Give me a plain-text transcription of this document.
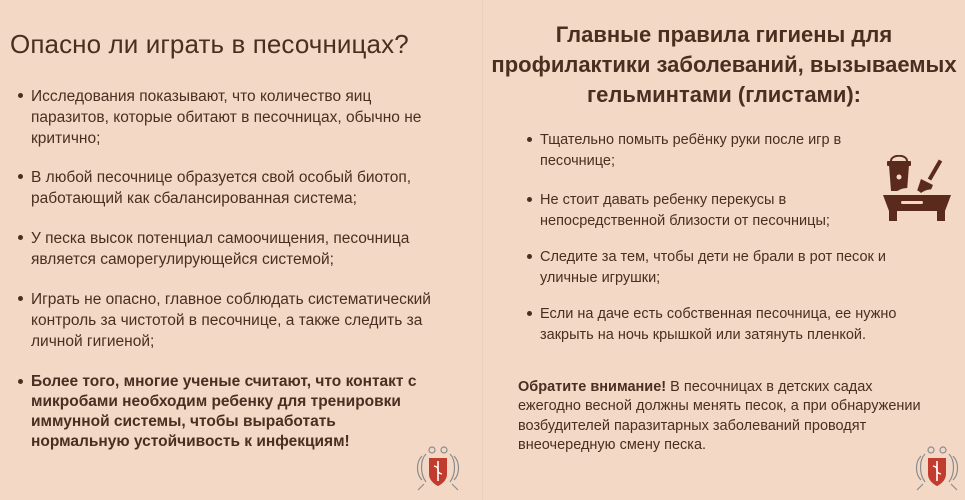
Опасно ли играть в песочницах?
Исследования показывают, что количество яиц паразитов, которые обитают в песочницах, обычно не критично;
В любой песочнице образуется свой особый биотоп, работающий как сбалансированная система;
У песка высок потенциал самоочищения, песочница является саморегулирующейся системой;
Играть не опасно, главное соблюдать систематический контроль за чистотой в песочнице, а также следить за личной гигиеной;
Более того, многие ученые считают, что контакт с микробами необходим ребенку для тренировки иммунной системы, чтобы выработать нормальную устойчивость к инфекциям!
Главные правила гигиены для профилактики заболеваний, вызываемых гельминтами (глистами):
Тщательно помыть ребёнку руки после игр в песочнице;
Не стоит давать ребенку перекусы в непосредственной близости от песочницы;
Следите за тем, чтобы дети не брали в рот песок и уличные игрушки;
Если на даче есть собственная песочница, ее нужно закрыть на ночь крышкой или затянуть пленкой.

Обратите внимание! В песочницах в детских садах ежегодно весной должны менять песок, а при обнаружении возбудителей паразитарных заболеваний проводят внеочередную смену песка.
